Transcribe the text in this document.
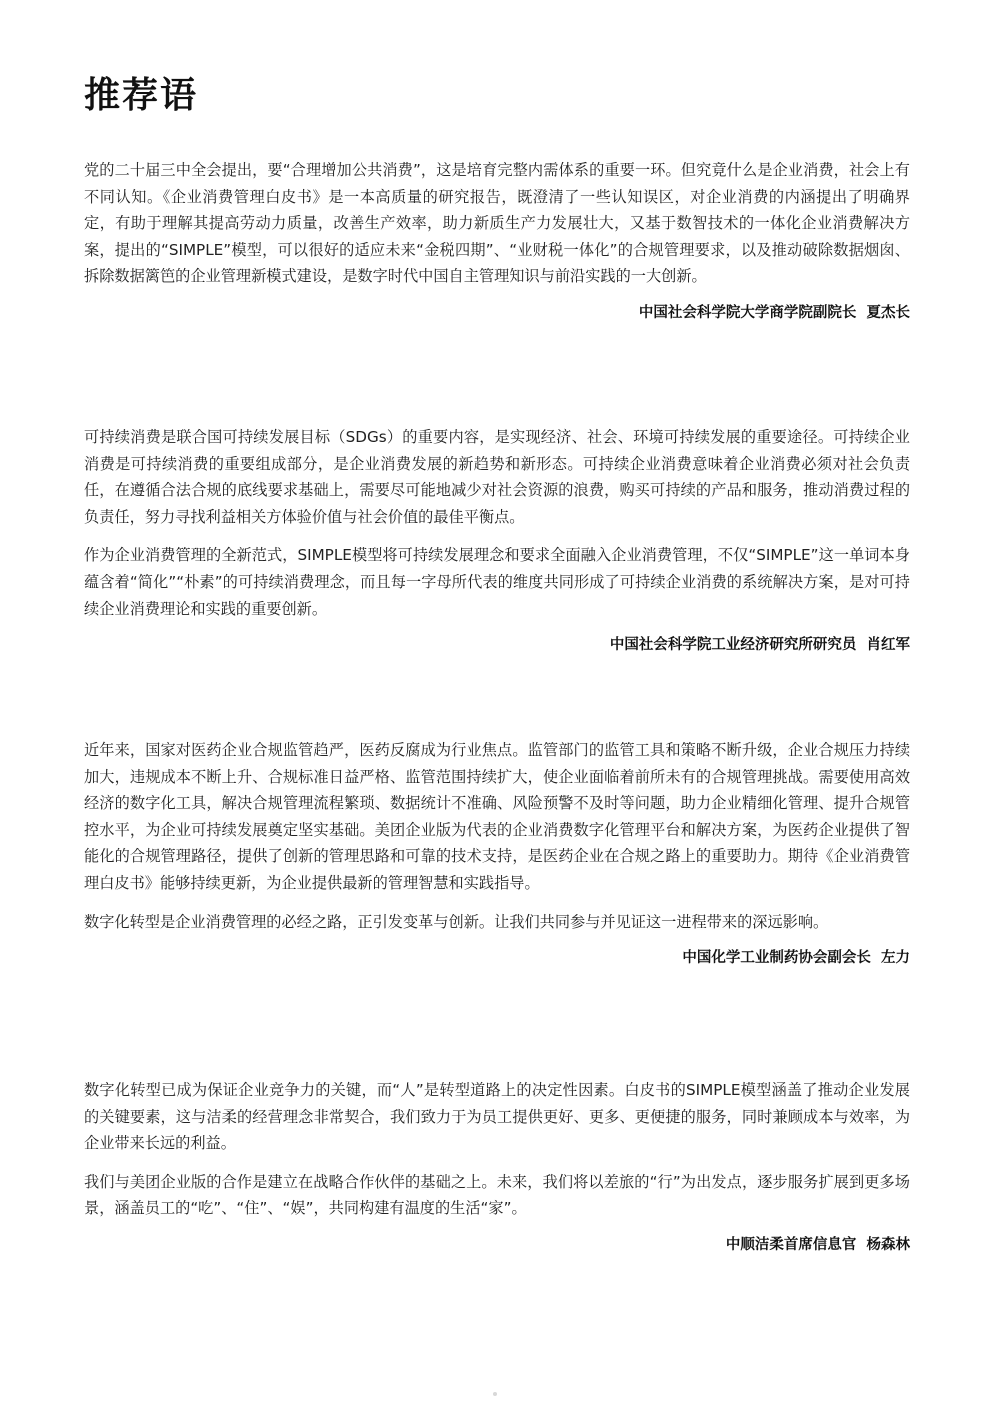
推荐语

党的二十届三中全会提出，要“合理增加公共消费”，这是培育完整内需体系的重要一环。但究竟什么是企业消费，社会上有不同认知。《企业消费管理白皮书》是一本高质量的研究报告，既澄清了一些认知误区，对企业消费的内涵提出了明确界定，有助于理解其提高劳动力质量，改善生产效率，助力新质生产力发展壮大，又基于数智技术的一体化企业消费解决方案，提出的“SIMPLE”模型，可以很好的适应未来“金税四期”、“业财税一体化”的合规管理要求，以及推动破除数据烟囱、拆除数据篱笆的企业管理新模式建设，是数字时代中国自主管理知识与前沿实践的一大创新。

中国社会科学院大学商学院副院长  夏杰长

可持续消费是联合国可持续发展目标（SDGs）的重要内容，是实现经济、社会、环境可持续发展的重要途径。可持续企业消费是可持续消费的重要组成部分，是企业消费发展的新趋势和新形态。可持续企业消费意味着企业消费必须对社会负责任，在遵循合法合规的底线要求基础上，需要尽可能地减少对社会资源的浪费，购买可持续的产品和服务，推动消费过程的负责任，努力寻找利益相关方体验价值与社会价值的最佳平衡点。

作为企业消费管理的全新范式，SIMPLE模型将可持续发展理念和要求全面融入企业消费管理，不仅“SIMPLE”这一单词本身蕴含着“简化”“朴素”的可持续消费理念，而且每一字母所代表的维度共同形成了可持续企业消费的系统解决方案，是对可持续企业消费理论和实践的重要创新。

中国社会科学院工业经济研究所研究员  肖红军

近年来，国家对医药企业合规监管趋严，医药反腐成为行业焦点。监管部门的监管工具和策略不断升级，企业合规压力持续加大，违规成本不断上升、合规标准日益严格、监管范围持续扩大，使企业面临着前所未有的合规管理挑战。需要使用高效经济的数字化工具，解决合规管理流程繁琐、数据统计不准确、风险预警不及时等问题，助力企业精细化管理、提升合规管控水平，为企业可持续发展奠定坚实基础。美团企业版为代表的企业消费数字化管理平台和解决方案，为医药企业提供了智能化的合规管理路径，提供了创新的管理思路和可靠的技术支持，是医药企业在合规之路上的重要助力。期待《企业消费管理白皮书》能够持续更新，为企业提供最新的管理智慧和实践指导。

数字化转型是企业消费管理的必经之路，正引发变革与创新。让我们共同参与并见证这一进程带来的深远影响。

中国化学工业制药协会副会长  左力

数字化转型已成为保证企业竞争力的关键，而“人”是转型道路上的决定性因素。白皮书的SIMPLE模型涵盖了推动企业发展的关键要素，这与洁柔的经营理念非常契合，我们致力于为员工提供更好、更多、更便捷的服务，同时兼顾成本与效率，为企业带来长远的利益。

我们与美团企业版的合作是建立在战略合作伙伴的基础之上。未来，我们将以差旅的“行”为出发点，逐步服务扩展到更多场景，涵盖员工的“吃”、“住”、“娱”，共同构建有温度的生活“家”。

中顺洁柔首席信息官  杨森林
